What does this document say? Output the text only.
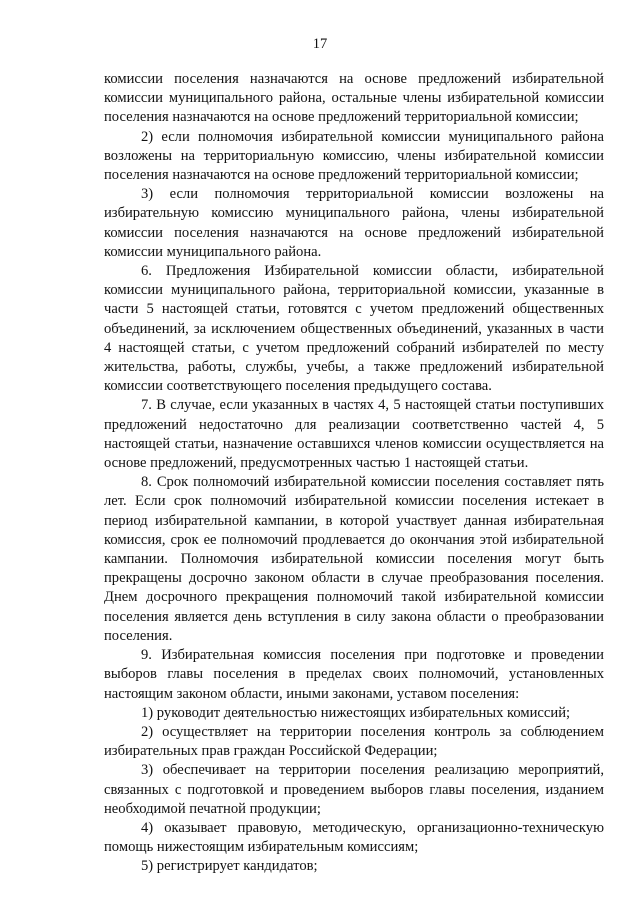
17

комиссии поселения назначаются на основе предложений избирательной комиссии муниципального района, остальные члены избирательной комиссии поселения назначаются на основе предложений территориальной комиссии;

2) если полномочия избирательной комиссии муниципального района возложены на территориальную комиссию, члены избирательной комиссии поселения назначаются на основе предложений территориальной комиссии;

3) если полномочия территориальной комиссии возложены на избирательную комиссию муниципального района, члены избирательной комиссии поселения назначаются на основе предложений избирательной комиссии муниципального района.

6. Предложения Избирательной комиссии области, избирательной комиссии муниципального района, территориальной комиссии, указанные в части 5 настоящей статьи, готовятся с учетом предложений общественных объединений, за исключением общественных объединений, указанных в части 4 настоящей статьи, с учетом предложений собраний избирателей по месту жительства, работы, службы, учебы, а также предложений избирательной комиссии соответствующего поселения предыдущего состава.

7. В случае, если указанных в частях 4, 5 настоящей статьи поступивших предложений недостаточно для реализации соответственно частей 4, 5 настоящей статьи, назначение оставшихся членов комиссии осуществляется на основе предложений, предусмотренных частью 1 настоящей статьи.

8. Срок полномочий избирательной комиссии поселения составляет пять лет. Если срок полномочий избирательной комиссии поселения истекает в период избирательной кампании, в которой участвует данная избирательная комиссия, срок ее полномочий продлевается до окончания этой избирательной кампании. Полномочия избирательной комиссии поселения могут быть прекращены досрочно законом области в случае преобразования поселения. Днем досрочного прекращения полномочий такой избирательной комиссии поселения является день вступления в силу закона области о преобразовании поселения.

9. Избирательная комиссия поселения при подготовке и проведении выборов главы поселения в пределах своих полномочий, установленных настоящим законом области, иными законами, уставом поселения:

1) руководит деятельностью нижестоящих избирательных комиссий;

2) осуществляет на территории поселения контроль за соблюдением избирательных прав граждан Российской Федерации;

3) обеспечивает на территории поселения реализацию мероприятий, связанных с подготовкой и проведением выборов главы поселения, изданием необходимой печатной продукции;

4) оказывает правовую, методическую, организационно-техническую помощь нижестоящим избирательным комиссиям;

5) регистрирует кандидатов;
